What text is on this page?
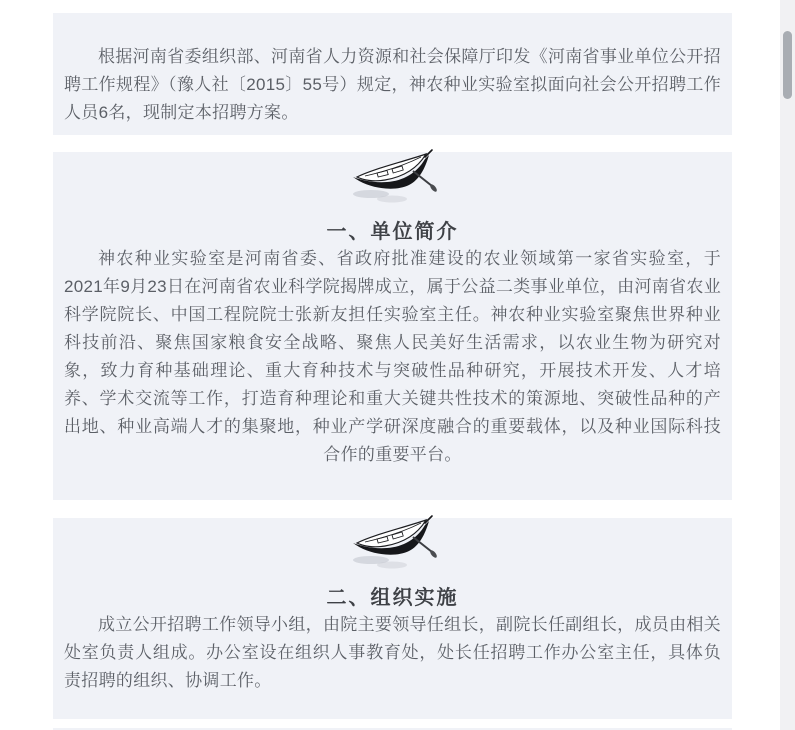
根据河南省委组织部、河南省人力资源和社会保障厅印发《河南省事业单位公开招聘工作规程》（豫人社〔2015〕55号）规定，神农种业实验室拟面向社会公开招聘工作人员6名，现制定本招聘方案。

一、单位简介

神农种业实验室是河南省委、省政府批准建设的农业领域第一家省实验室，于2021年9月23日在河南省农业科学院揭牌成立，属于公益二类事业单位，由河南省农业科学院院长、中国工程院院士张新友担任实验室主任。神农种业实验室聚焦世界种业科技前沿、聚焦国家粮食安全战略、聚焦人民美好生活需求，以农业生物为研究对象，致力育种基础理论、重大育种技术与突破性品种研究，开展技术开发、人才培养、学术交流等工作，打造育种理论和重大关键共性技术的策源地、突破性品种的产出地、种业高端人才的集聚地，种业产学研深度融合的重要载体，以及种业国际科技合作的重要平台。

二、组织实施

成立公开招聘工作领导小组，由院主要领导任组长，副院长任副组长，成员由相关处室负责人组成。办公室设在组织人事教育处，处长任招聘工作办公室主任，具体负责招聘的组织、协调工作。
